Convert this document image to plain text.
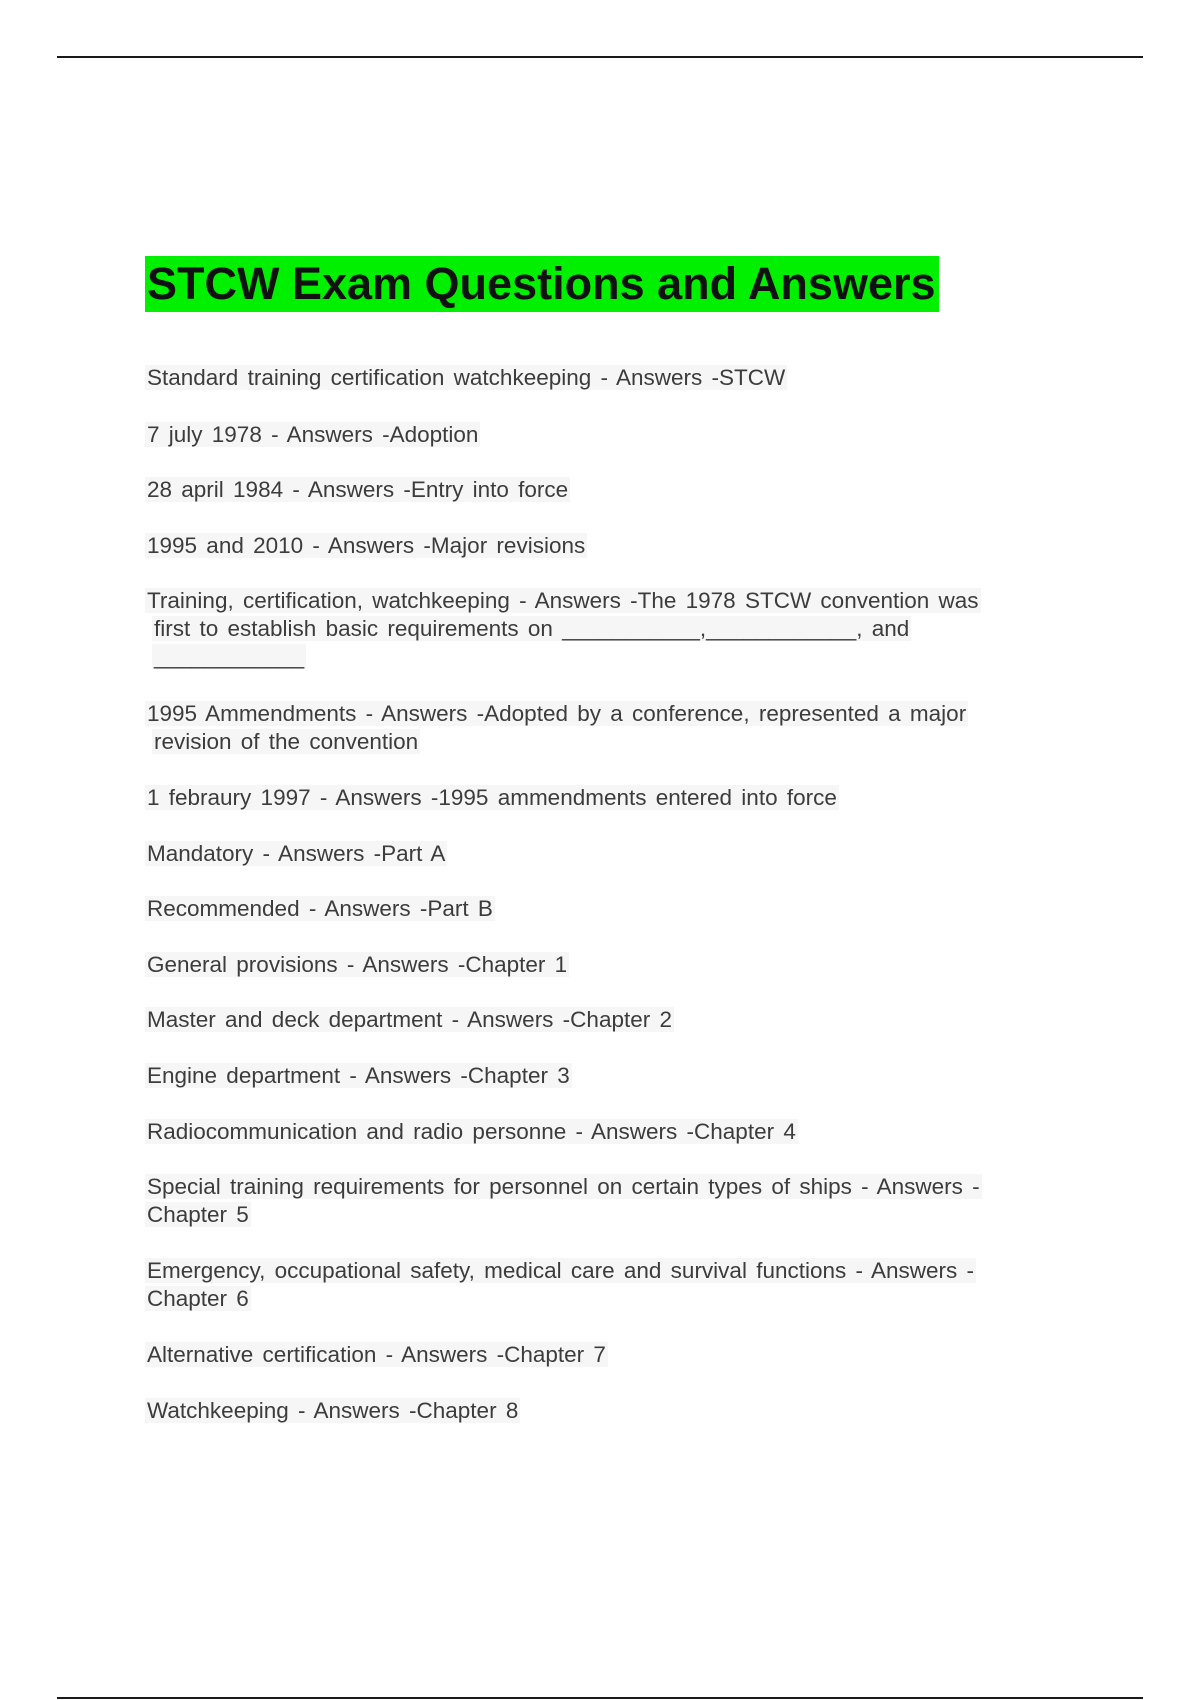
STCW Exam Questions and Answers

Standard training certification watchkeeping - Answers -STCW

7 july 1978 - Answers -Adoption

28 april 1984 - Answers -Entry into force

1995 and 2010 - Answers -Major revisions

Training, certification, watchkeeping - Answers -The 1978 STCW convention was
first to establish basic requirements on ___________,____________, and
____________
1995 Ammendments - Answers -Adopted by a conference, represented a major
revision of the convention

1 febraury 1997 - Answers -1995 ammendments entered into force

Mandatory - Answers -Part A

Recommended - Answers -Part B

General provisions - Answers -Chapter 1

Master and deck department - Answers -Chapter 2

Engine department - Answers -Chapter 3

Radiocommunication and radio personne - Answers -Chapter 4

Special training requirements for personnel on certain types of ships - Answers -
Chapter 5
Emergency, occupational safety, medical care and survival functions - Answers -
Chapter 6

Alternative certification - Answers -Chapter 7

Watchkeeping - Answers -Chapter 8
